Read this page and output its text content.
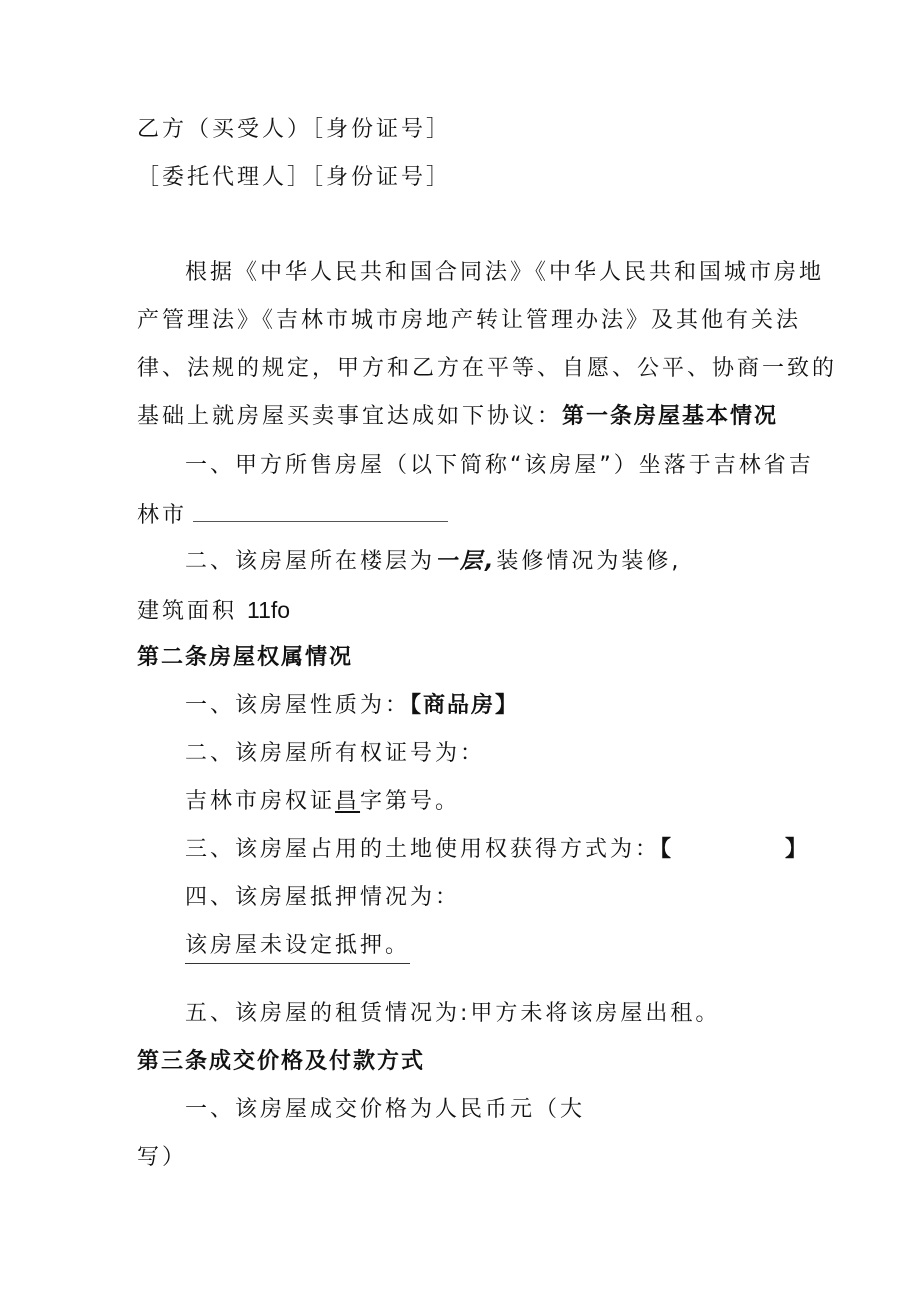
乙方（买受人）［身份证号］
［委托代理人］［身份证号］
根据《中华人民共和国合同法》《中华人民共和国城市房地
产管理法》《吉林市城市房地产转让管理办法》及其他有关法
律、法规的规定，甲方和乙方在平等、自愿、公平、协商一致的
基础上就房屋买卖事宜达成如下协议：第一条房屋基本情况
一、甲方所售房屋（以下简称“该房屋”）坐落于吉林省吉
林市
二、该房屋所在楼层为一层,装修情况为装修,
建筑面积 11fo
第二条房屋权属情况
一、该房屋性质为：【商品房】
二、该房屋所有权证号为：
吉林市房权证昌字第号。
三、该房屋占用的土地使用权获得方式为：【	】
四、该房屋抵押情况为：
该房屋未设定抵押。
五、该房屋的租赁情况为:甲方未将该房屋出租。
第三条成交价格及付款方式
一、该房屋成交价格为人民币元（大
写）
